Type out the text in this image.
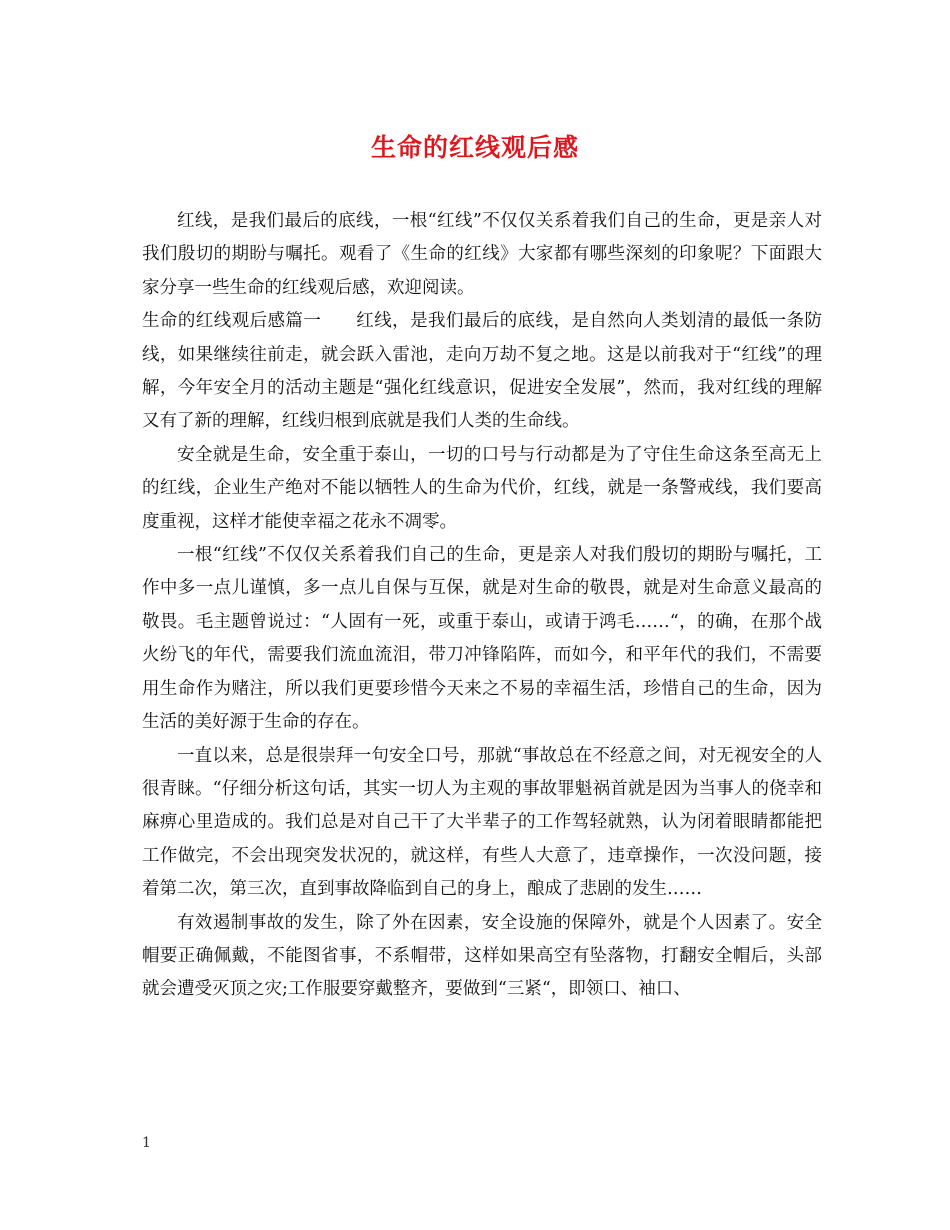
生命的红线观后感

红线，是我们最后的底线，一根“红线”不仅仅关系着我们自己的生命，更是亲人对我们殷切的期盼与嘱托。观看了《生命的红线》大家都有哪些深刻的印象呢？下面跟大家分享一些生命的红线观后感，欢迎阅读。

生命的红线观后感篇一 红线，是我们最后的底线，是自然向人类划清的最低一条防线，如果继续往前走，就会跃入雷池，走向万劫不复之地。这是以前我对于“红线”的理解，今年安全月的活动主题是“强化红线意识，促进安全发展”，然而，我对红线的理解又有了新的理解，红线归根到底就是我们人类的生命线。

安全就是生命，安全重于泰山，一切的口号与行动都是为了守住生命这条至高无上的红线，企业生产绝对不能以牺牲人的生命为代价，红线，就是一条警戒线，我们要高度重视，这样才能使幸福之花永不凋零。

一根“红线”不仅仅关系着我们自己的生命，更是亲人对我们殷切的期盼与嘱托，工作中多一点儿谨慎，多一点儿自保与互保，就是对生命的敬畏，就是对生命意义最高的敬畏。毛主题曾说过：“人固有一死，或重于泰山，或请于鸿毛……“，的确，在那个战火纷飞的年代，需要我们流血流泪，带刀冲锋陷阵，而如今，和平年代的我们，不需要用生命作为赌注，所以我们更要珍惜今天来之不易的幸福生活，珍惜自己的生命，因为生活的美好源于生命的存在。

一直以来，总是很崇拜一句安全口号，那就“事故总在不经意之间，对无视安全的人很青睐。“仔细分析这句话，其实一切人为主观的事故罪魁祸首就是因为当事人的侥幸和麻痹心里造成的。我们总是对自己干了大半辈子的工作驾轻就熟，认为闭着眼睛都能把工作做完，不会出现突发状况的，就这样，有些人大意了，违章操作，一次没问题，接着第二次，第三次，直到事故降临到自己的身上，酿成了悲剧的发生……

有效遏制事故的发生，除了外在因素，安全设施的保障外，就是个人因素了。安全帽要正确佩戴，不能图省事，不系帽带，这样如果高空有坠落物，打翻安全帽后，头部就会遭受灭顶之灾;工作服要穿戴整齐，要做到“三紧“，即领口、袖口、

1
